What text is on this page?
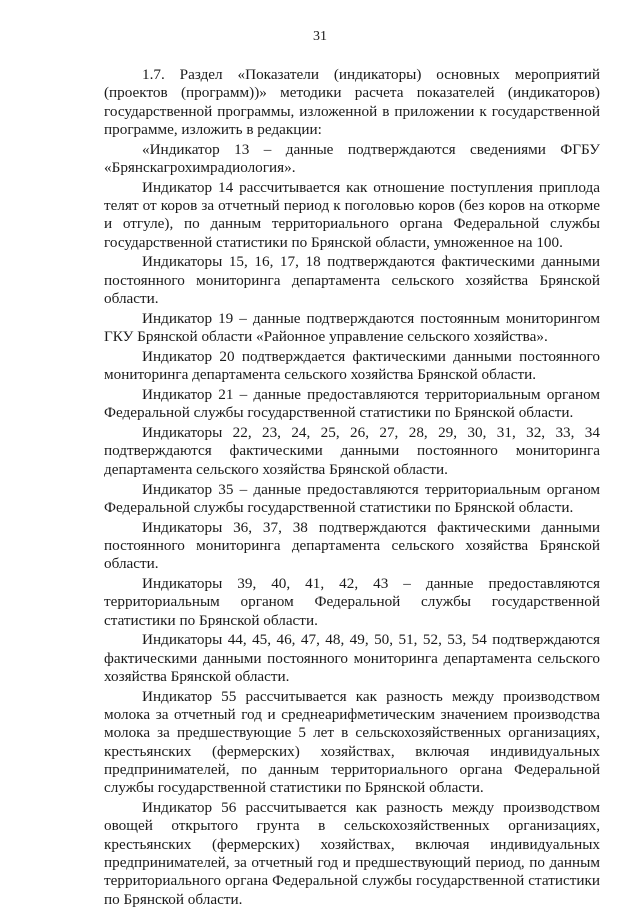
31

1.7. Раздел «Показатели (индикаторы) основных мероприятий (проектов (программ))» методики расчета показателей (индикаторов) государственной программы, изложенной в приложении к государственной программе, изложить в редакции:

«Индикатор 13 – данные подтверждаются сведениями ФГБУ «Брянскагрохимрадиология».

Индикатор 14 рассчитывается как отношение поступления приплода телят от коров за отчетный период к поголовью коров (без коров на откорме и отгуле), по данным территориального органа Федеральной службы государственной статистики по Брянской области, умноженное на 100.

Индикаторы 15, 16, 17, 18 подтверждаются фактическими данными постоянного мониторинга департамента сельского хозяйства Брянской области.

Индикатор 19 – данные подтверждаются постоянным мониторингом ГКУ Брянской области «Районное управление сельского хозяйства».

Индикатор 20 подтверждается фактическими данными постоянного мониторинга департамента сельского хозяйства Брянской области.

Индикатор 21 – данные предоставляются территориальным органом Федеральной службы государственной статистики по Брянской области.

Индикаторы 22, 23, 24, 25, 26, 27, 28, 29, 30, 31, 32, 33, 34 подтверждаются фактическими данными постоянного мониторинга департамента сельского хозяйства Брянской области.

Индикатор 35 – данные предоставляются территориальным органом Федеральной службы государственной статистики по Брянской области.

Индикаторы 36, 37, 38 подтверждаются фактическими данными постоянного мониторинга департамента сельского хозяйства Брянской области.

Индикаторы 39, 40, 41, 42, 43 – данные предоставляются территориальным органом Федеральной службы государственной статистики по Брянской области.

Индикаторы 44, 45, 46, 47, 48, 49, 50, 51, 52, 53, 54 подтверждаются фактическими данными постоянного мониторинга департамента сельского хозяйства Брянской области.

Индикатор 55 рассчитывается как разность между производством молока за отчетный год и среднеарифметическим значением производства молока за предшествующие 5 лет в сельскохозяйственных организациях, крестьянских (фермерских) хозяйствах, включая индивидуальных предпринимателей, по данным территориального органа Федеральной службы государственной статистики по Брянской области.

Индикатор 56 рассчитывается как разность между производством овощей открытого грунта в сельскохозяйственных организациях, крестьянских (фермерских) хозяйствах, включая индивидуальных предпринимателей, за отчетный год и предшествующий период, по данным территориального органа Федеральной службы государственной статистики по Брянской области.
